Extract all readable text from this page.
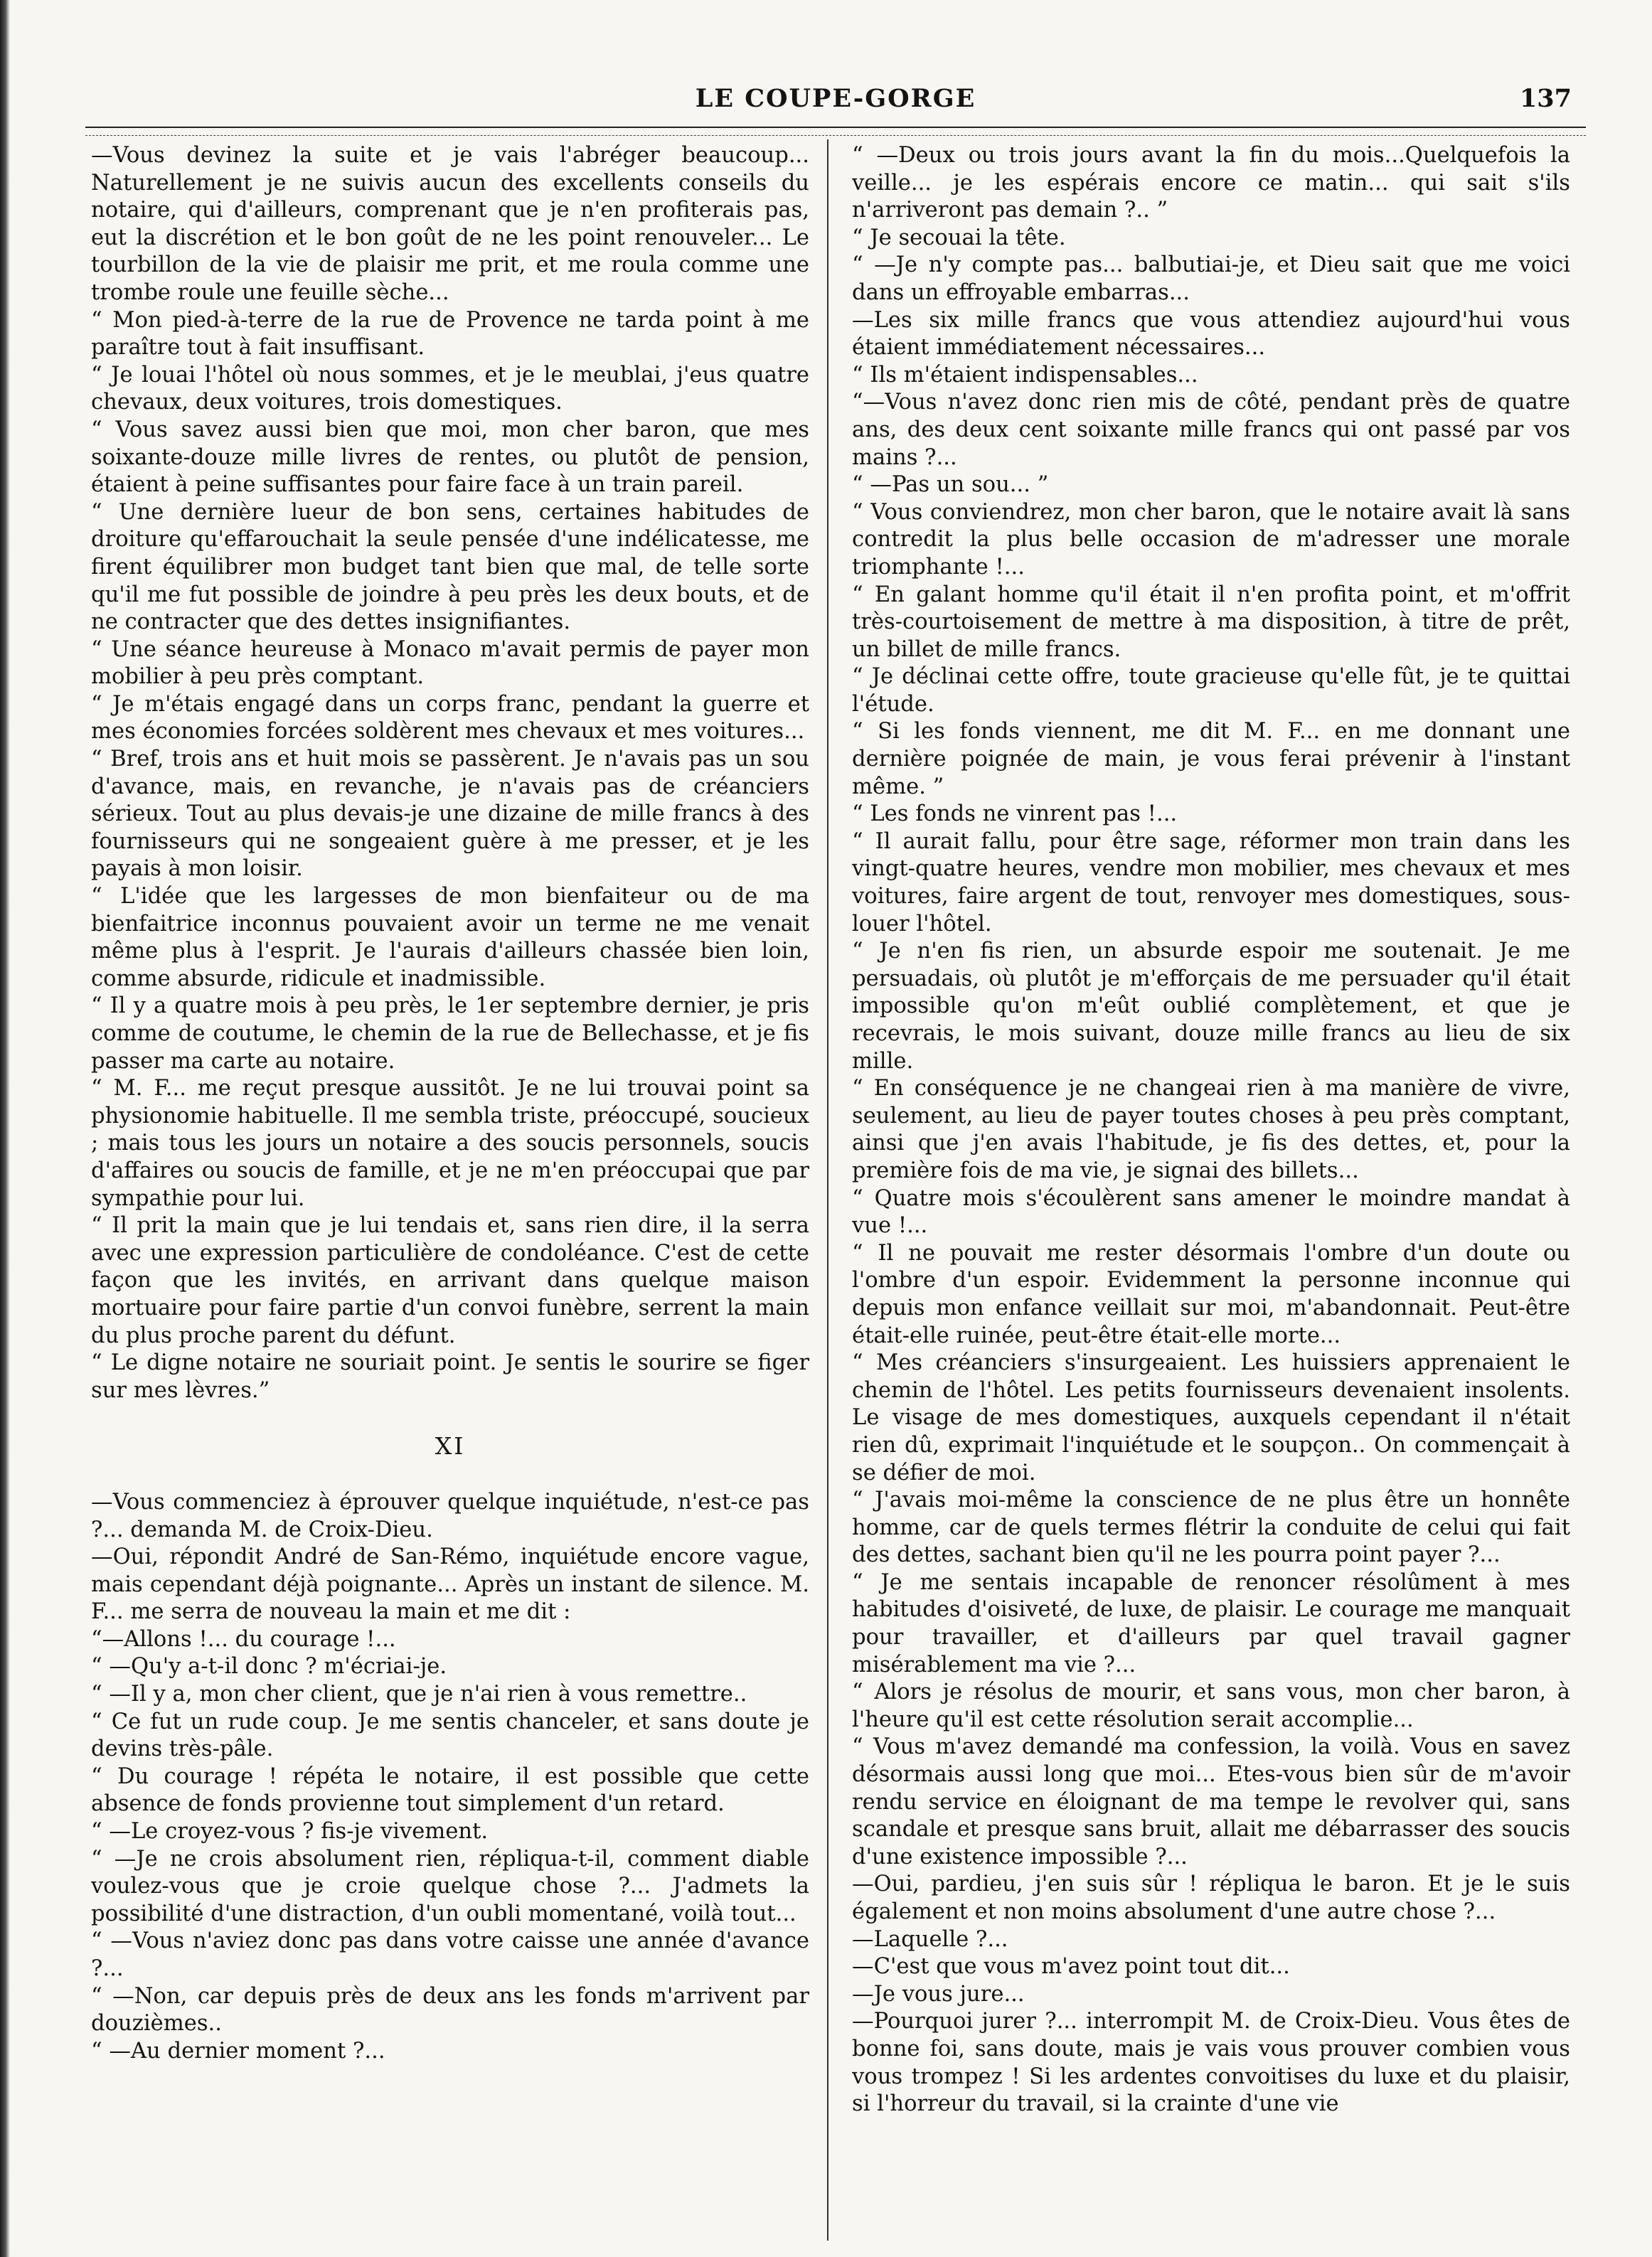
LE COUPE-GORGE	137

—Vous devinez la suite et je vais l'abréger beaucoup... Naturellement je ne suivis aucun des excellents conseils du notaire, qui d'ailleurs, comprenant que je n'en profiterais pas, eut la discrétion et le bon goût de ne les point renouveler... Le tourbillon de la vie de plaisir me prit, et me roula comme une trombe roule une feuille sèche...

“ Mon pied-à-terre de la rue de Provence ne tarda point à me paraître tout à fait insuffisant.

“ Je louai l'hôtel où nous sommes, et je le meublai, j'eus quatre chevaux, deux voitures, trois domestiques.

“ Vous savez aussi bien que moi, mon cher baron, que mes soixante-douze mille livres de rentes, ou plutôt de pension, étaient à peine suffisantes pour faire face à un train pareil.

“ Une dernière lueur de bon sens, certaines habitudes de droiture qu'effarouchait la seule pensée d'une indélicatesse, me firent équilibrer mon budget tant bien que mal, de telle sorte qu'il me fut possible de joindre à peu près les deux bouts, et de ne contracter que des dettes insignifiantes.

“ Une séance heureuse à Monaco m'avait permis de payer mon mobilier à peu près comptant.

“ Je m'étais engagé dans un corps franc, pendant la guerre et mes économies forcées soldèrent mes chevaux et mes voitures...

“ Bref, trois ans et huit mois se passèrent. Je n'avais pas un sou d'avance, mais, en revanche, je n'avais pas de créanciers sérieux. Tout au plus devais-je une dizaine de mille francs à des fournisseurs qui ne songeaient guère à me presser, et je les payais à mon loisir.

“ L'idée que les largesses de mon bienfaiteur ou de ma bienfaitrice inconnus pouvaient avoir un terme ne me venait même plus à l'esprit. Je l'aurais d'ailleurs chassée bien loin, comme absurde, ridicule et inadmissible.

“ Il y a quatre mois à peu près, le 1er septembre dernier, je pris comme de coutume, le chemin de la rue de Bellechasse, et je fis passer ma carte au notaire.

“ M. F... me reçut presque aussitôt. Je ne lui trouvai point sa physionomie habituelle. Il me sembla triste, préoccupé, soucieux ; mais tous les jours un notaire a des soucis personnels, soucis d'affaires ou soucis de famille, et je ne m'en préoccupai que par sympathie pour lui.

“ Il prit la main que je lui tendais et, sans rien dire, il la serra avec une expression particulière de condoléance. C'est de cette façon que les invités, en arrivant dans quelque maison mortuaire pour faire partie d'un convoi funèbre, serrent la main du plus proche parent du défunt.

“ Le digne notaire ne souriait point. Je sentis le sourire se figer sur mes lèvres.”

XI

—Vous commenciez à éprouver quelque inquiétude, n'est-ce pas ?... demanda M. de Croix-Dieu.

—Oui, répondit André de San-Rémo, inquiétude encore vague, mais cependant déjà poignante... Après un instant de silence. M. F... me serra de nouveau la main et me dit :

“—Allons !... du courage !...

“ —Qu'y a-t-il donc ? m'écriai-je.

“ —Il y a, mon cher client, que je n'ai rien à vous remettre..

“ Ce fut un rude coup. Je me sentis chanceler, et sans doute je devins très-pâle.

“ Du courage ! répéta le notaire, il est possible que cette absence de fonds provienne tout simplement d'un retard.

“ —Le croyez-vous ? fis-je vivement.

“ —Je ne crois absolument rien, répliqua-t-il, comment diable voulez-vous que je croie quelque chose ?... J'admets la possibilité d'une distraction, d'un oubli momentané, voilà tout...

“ —Vous n'aviez donc pas dans votre caisse une année d'avance ?...

“ —Non, car depuis près de deux ans les fonds m'arrivent par douzièmes..

“ —Au dernier moment ?...

“ —Deux ou trois jours avant la fin du mois...Quelquefois la veille... je les espérais encore ce matin... qui sait s'ils n'arriveront pas demain ?.. ”

“ Je secouai la tête.

“ —Je n'y compte pas... balbutiai-je, et Dieu sait que me voici dans un effroyable embarras...

—Les six mille francs que vous attendiez aujourd'hui vous étaient immédiatement nécessaires...

“ Ils m'étaient indispensables...

“—Vous n'avez donc rien mis de côté, pendant près de quatre ans, des deux cent soixante mille francs qui ont passé par vos mains ?...

“ —Pas un sou... ”

“ Vous conviendrez, mon cher baron, que le notaire avait là sans contredit la plus belle occasion de m'adresser une morale triomphante !...

“ En galant homme qu'il était il n'en profita point, et m'offrit très-courtoisement de mettre à ma disposition, à titre de prêt, un billet de mille francs.

“ Je déclinai cette offre, toute gracieuse qu'elle fût, je te quittai l'étude.

“ Si les fonds viennent, me dit M. F... en me donnant une dernière poignée de main, je vous ferai prévenir à l'instant même. ”

“ Les fonds ne vinrent pas !...

“ Il aurait fallu, pour être sage, réformer mon train dans les vingt-quatre heures, vendre mon mobilier, mes chevaux et mes voitures, faire argent de tout, renvoyer mes domestiques, sous-louer l'hôtel.

“ Je n'en fis rien, un absurde espoir me soutenait. Je me persuadais, où plutôt je m'efforçais de me persuader qu'il était impossible qu'on m'eût oublié complètement, et que je recevrais, le mois suivant, douze mille francs au lieu de six mille.

“ En conséquence je ne changeai rien à ma manière de vivre, seulement, au lieu de payer toutes choses à peu près comptant, ainsi que j'en avais l'habitude, je fis des dettes, et, pour la première fois de ma vie, je signai des billets...

“ Quatre mois s'écoulèrent sans amener le moindre mandat à vue !...

“ Il ne pouvait me rester désormais l'ombre d'un doute ou l'ombre d'un espoir. Evidemment la personne inconnue qui depuis mon enfance veillait sur moi, m'abandonnait. Peut-être était-elle ruinée, peut-être était-elle morte...

“ Mes créanciers s'insurgeaient. Les huissiers apprenaient le chemin de l'hôtel. Les petits fournisseurs devenaient insolents. Le visage de mes domestiques, auxquels cependant il n'était rien dû, exprimait l'inquiétude et le soupçon.. On commençait à se défier de moi.

“ J'avais moi-même la conscience de ne plus être un honnête homme, car de quels termes flétrir la conduite de celui qui fait des dettes, sachant bien qu'il ne les pourra point payer ?...

“ Je me sentais incapable de renoncer résolûment à mes habitudes d'oisiveté, de luxe, de plaisir. Le courage me manquait pour travailler, et d'ailleurs par quel travail gagner misérablement ma vie ?...

“ Alors je résolus de mourir, et sans vous, mon cher baron, à l'heure qu'il est cette résolution serait accomplie...

“ Vous m'avez demandé ma confession, la voilà. Vous en savez désormais aussi long que moi... Etes-vous bien sûr de m'avoir rendu service en éloignant de ma tempe le revolver qui, sans scandale et presque sans bruit, allait me débarrasser des soucis d'une existence impossible ?...

—Oui, pardieu, j'en suis sûr ! répliqua le baron. Et je le suis également et non moins absolument d'une autre chose ?...

—Laquelle ?...

—C'est que vous m'avez point tout dit...

—Je vous jure...

—Pourquoi jurer ?... interrompit M. de Croix-Dieu. Vous êtes de bonne foi, sans doute, mais je vais vous prouver combien vous vous trompez ! Si les ardentes convoitises du luxe et du plaisir, si l'horreur du travail, si la crainte d'une vie
